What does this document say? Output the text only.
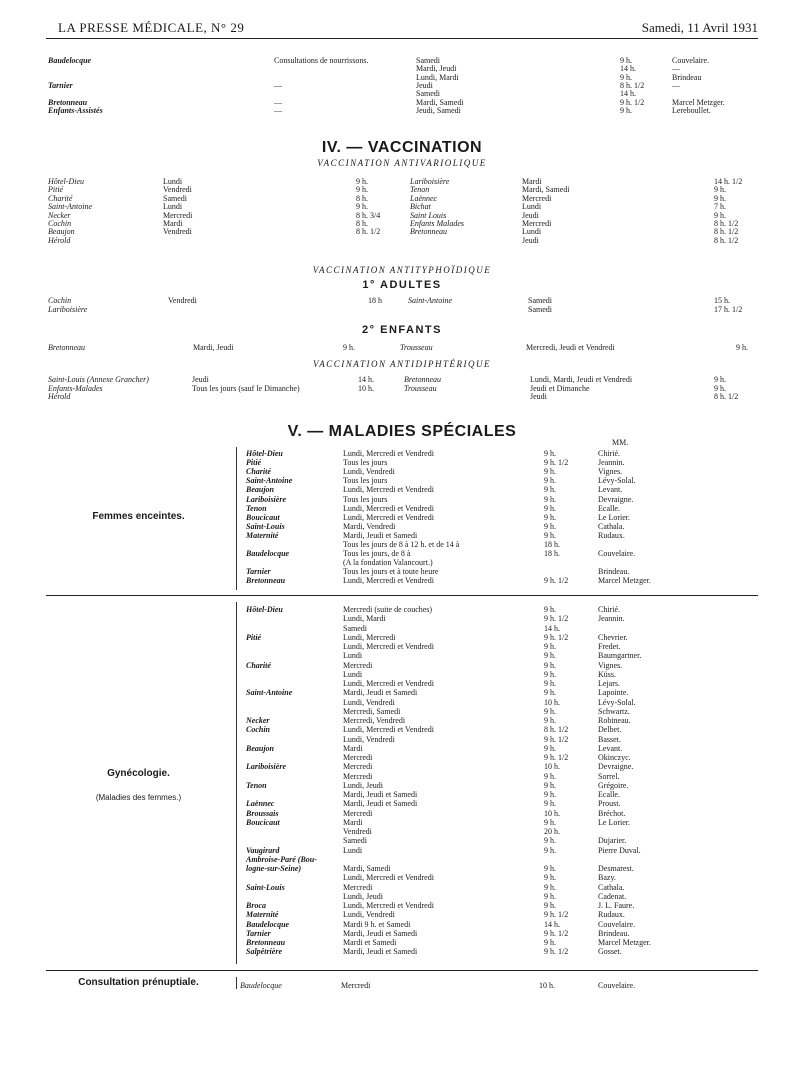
LA PRESSE MÉDICALE, N° 29	Samedi, 11 Avril 1931
Baudelocque	Consultations de nourrissons.	Samedi	9 h.	Couvelaire.
Mardi, Jeudi	14 h.	—
Lundi, Mardi	9 h.	Brindeau
Tarnier	—	Jeudi	8 h. 1/2	—
Samedi	14 h.
Bretonneau	—	Mardi, Samedi	9 h. 1/2	Marcel Metzger.
Enfants-Assistés	—	Jeudi, Samedi	9 h.	Lereboullet.
IV. — VACCINATION
VACCINATION ANTIVARIOLIQUE
Hôtel-Dieu	Lundi	9 h.	Lariboisière	Mardi	14 h. 1/2
Pitié	Vendredi	9 h.	Tenon	Mardi, Samedi	9 h.
Charité	Samedi	8 h.	Laënnec	Mercredi	9 h.
Saint-Antoine	Lundi	9 h.	Bichat	Lundi	7 h.
Necker	Mercredi	8 h. 3/4	Saint Louis	Jeudi	9 h.
Cochin	Mardi	8 h.	Enfants Malades	Mercredi	8 h. 1/2
Beaujon	Vendredi	8 h. 1/2	Bretonneau	Lundi	8 h. 1/2
Hérold	Jeudi	8 h. 1/2
VACCINATION ANTITYPHOÏDIQUE
1° ADULTES
Cochin	Vendredi	18 h	Saint-Antoine	Samedi	15 h.
Lariboisière	Samedi	17 h. 1/2
2° ENFANTS
Bretonneau	Mardi, Jeudi	9 h.	Trousseau	Mercredi, Jeudi et Vendredi	9 h.
VACCINATION ANTIDIPHTÉRIQUE
Saint-Louis (Annexe Grancher)	Jeudi	14 h.	Bretonneau	Lundi, Mardi, Jeudi et Vendredi	9 h.
Enfants-Malades	Tous les jours (sauf le Dimanche)	10 h.	Trousseau	Jeudi et Dimanche	9 h.
Hérold	Jeudi	8 h. 1/2
V. — MALADIES SPÉCIALES
MM.
Femmes enceintes.
Hôtel-Dieu	Lundi, Mercredi et Vendredi	9 h.	Chirié.
Pitié	Tous les jours	9 h. 1/2	Jeannin.
Charité	Lundi, Vendredi	9 h.	Vignes.
Saint-Antoine	Tous les jours	9 h.	Lévy-Solal.
Beaujon	Lundi, Mercredi et Vendredi	9 h.	Levant.
Lariboisière	Tous les jours	9 h.	Devraigne.
Tenon	Lundi, Mercredi et Vendredi	9 h.	Ecalle.
Boucicaut	Lundi, Mercredi et Vendredi	9 h.	Le Lorier.
Saint-Louis	Mardi, Vendredi	9 h.	Cathala.
Maternité	Mardi, Jeudi et Samedi	9 h.	Rudaux.
Tous les jours de 8 à 12 h. et de 14 à	18 h.
Baudelocque	Tous les jours, de 8 à	18 h.	Couvelaire.
(A la fondation Valancourt.)
Tarnier	Tous les jours et à toute heure	Brindeau.
Bretonneau	Lundi, Mercredi et Vendredi	9 h. 1/2	Marcel Metzger.
Gynécologie.
(Maladies des femmes.)
Hôtel-Dieu	Mercredi (suite de couches)	9 h.	Chirié.
Lundi, Mardi	9 h. 1/2	Jeannin.
Samedi	14 h.
Pitié	Lundi, Mercredi	9 h. 1/2	Chevrier.
Lundi, Mercredi et Vendredi	9 h.	Fredet.
Lundi	9 h.	Baumgartner.
Charité	Mercredi	9 h.	Vignes.
Lundi	9 h.	Küss.
Lundi, Mercredi et Vendredi	9 h.	Lejars.
Saint-Antoine	Mardi, Jeudi et Samedi	9 h.	Lapointe.
Lundi, Vendredi	10 h.	Lévy-Solal.
Mercredi, Samedi	9 h.	Schwartz.
Necker	Mercredi, Vendredi	9 h.	Robineau.
Cochin	Lundi, Mercredi et Vendredi	8 h. 1/2	Delbet.
Lundi, Vendredi	9 h. 1/2	Basset.
Beaujon	Mardi	9 h.	Levant.
Mercredi	9 h. 1/2	Okinczyc.
Lariboisière	Mercredi	10 h.	Devraigne.
Mercredi	9 h.	Sorrel.
Tenon	Lundi, Jeudi	9 h.	Grégoire.
Mardi, Jeudi et Samedi	9 h.	Ecalle.
Laënnec	Mardi, Jeudi et Samedi	9 h.	Proust.
Broussais	Mercredi	10 h.	Bréchot.
Boucicaut	Mardi	9 h.	Le Lorier.
Vendredi	20 h.
Samedi	9 h.	Dujarier.
Vaugirard	Lundi	9 h.	Pierre Duval.
Ambroise-Paré (Bou-
logne-sur-Seine)	Mardi, Samedi	9 h.	Desmarest.
Lundi, Mercredi et Vendredi	9 h.	Bazy.
Saint-Louis	Mercredi	9 h.	Cathala.
Lundi, Jeudi	9 h.	Cadenat.
Broca	Lundi, Mercredi et Vendredi	9 h.	J. L. Faure.
Maternité	Lundi, Vendredi	9 h. 1/2	Rudaux.
Baudelocque	Mardi 9 h. et Samedi	14 h.	Couvelaire.
Tarnier	Mardi, Jeudi et Samedi	9 h. 1/2	Brindeau.
Bretonneau	Mardi et Samedi	9 h.	Marcel Metzger.
Salpêtrière	Mardi, Jeudi et Samedi	9 h. 1/2	Gosset.
Consultation prénuptiale.	Baudelocque	Mercredi	10 h.	Couvelaire.
